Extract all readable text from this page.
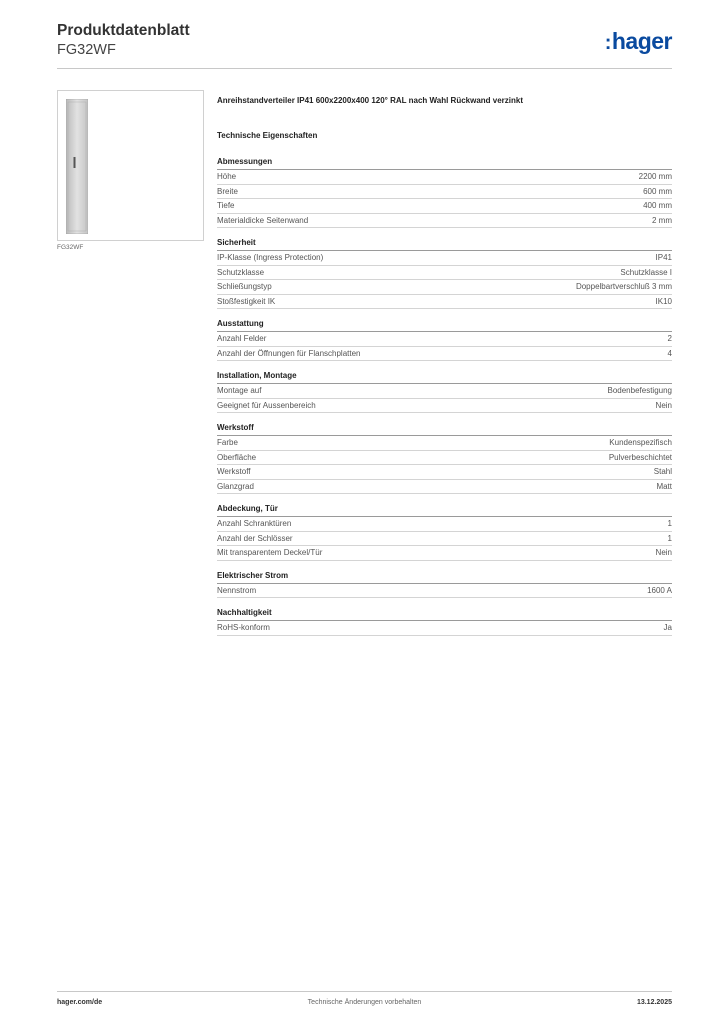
Produktdatenblatt
FG32WF	:hager
FG32WF
Anreihstandverteiler IP41 600x2200x400 120° RAL nach Wahl Rückwand verzinkt
Technische Eigenschaften
Abmessungen
Höhe	2200 mm
Breite	600 mm
Tiefe	400 mm
Materialdicke Seitenwand	2 mm
Sicherheit
IP-Klasse (Ingress Protection)	IP41
Schutzklasse	Schutzklasse I
Schließungstyp	Doppelbartverschluß 3 mm
Stoßfestigkeit IK	IK10
Ausstattung
Anzahl Felder	2
Anzahl der Öffnungen für Flanschplatten	4
Installation, Montage
Montage auf	Bodenbefestigung
Geeignet für Aussenbereich	Nein
Werkstoff
Farbe	Kundenspezifisch
Oberfläche	Pulverbeschichtet
Werkstoff	Stahl
Glanzgrad	Matt
Abdeckung, Tür
Anzahl Schranktüren	1
Anzahl der Schlösser	1
Mit transparentem Deckel/Tür	Nein
Elektrischer Strom
Nennstrom	1600 A
Nachhaltigkeit
RoHS-konform	Ja
hager.com/de	Technische Änderungen vorbehalten	13.12.2025
